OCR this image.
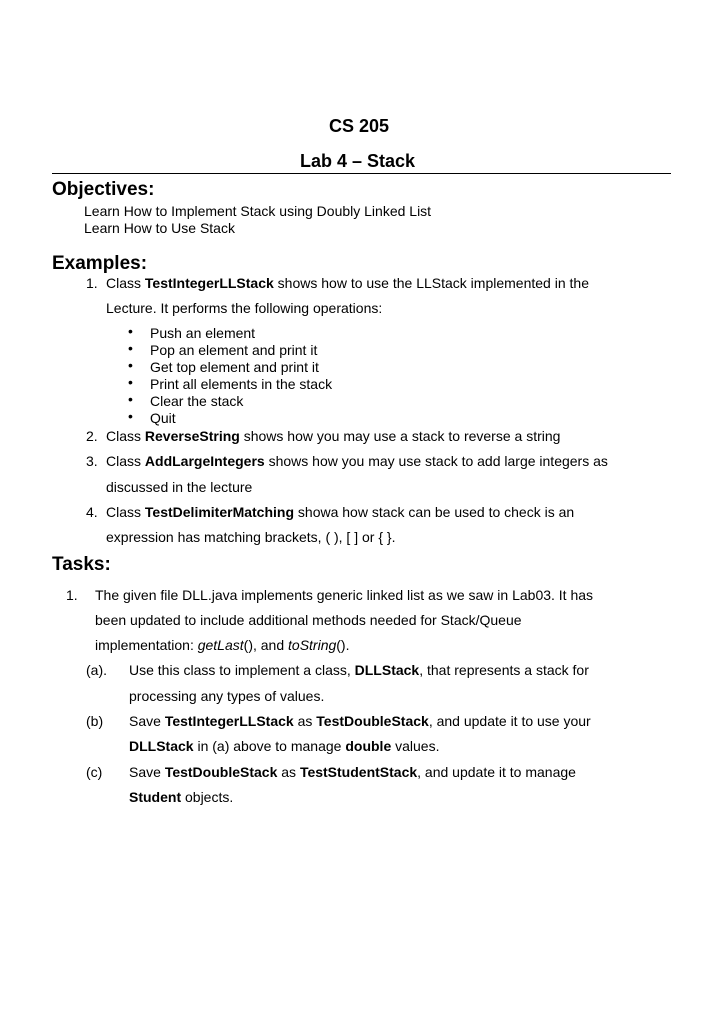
CS 205
Lab 4 – Stack
Objectives:
Learn How to Implement Stack using Doubly Linked List
Learn How to Use Stack
Examples:
1. Class TestIntegerLLStack shows how to use the LLStack implemented in the
Lecture. It performs the following operations:
• Push an element
• Pop an element and print it
• Get top element and print it
• Print all elements in the stack
• Clear the stack
• Quit
2. Class ReverseString shows how you may use a stack to reverse a string
3. Class AddLargeIntegers shows how you may use stack to add large integers as
discussed in the lecture
4. Class TestDelimiterMatching showa how stack can be used to check is an
expression has matching brackets, ( ), [ ] or { }.
Tasks:
1. The given file DLL.java implements generic linked list as we saw in Lab03. It has
been updated to include additional methods needed for Stack/Queue
implementation: getLast(), and toString().
(a). Use this class to implement a class, DLLStack, that represents a stack for
processing any types of values.
(b) Save TestIntegerLLStack as TestDoubleStack, and update it to use your
DLLStack in (a) above to manage double values.
(c) Save TestDoubleStack as TestStudentStack, and update it to manage
Student objects.
